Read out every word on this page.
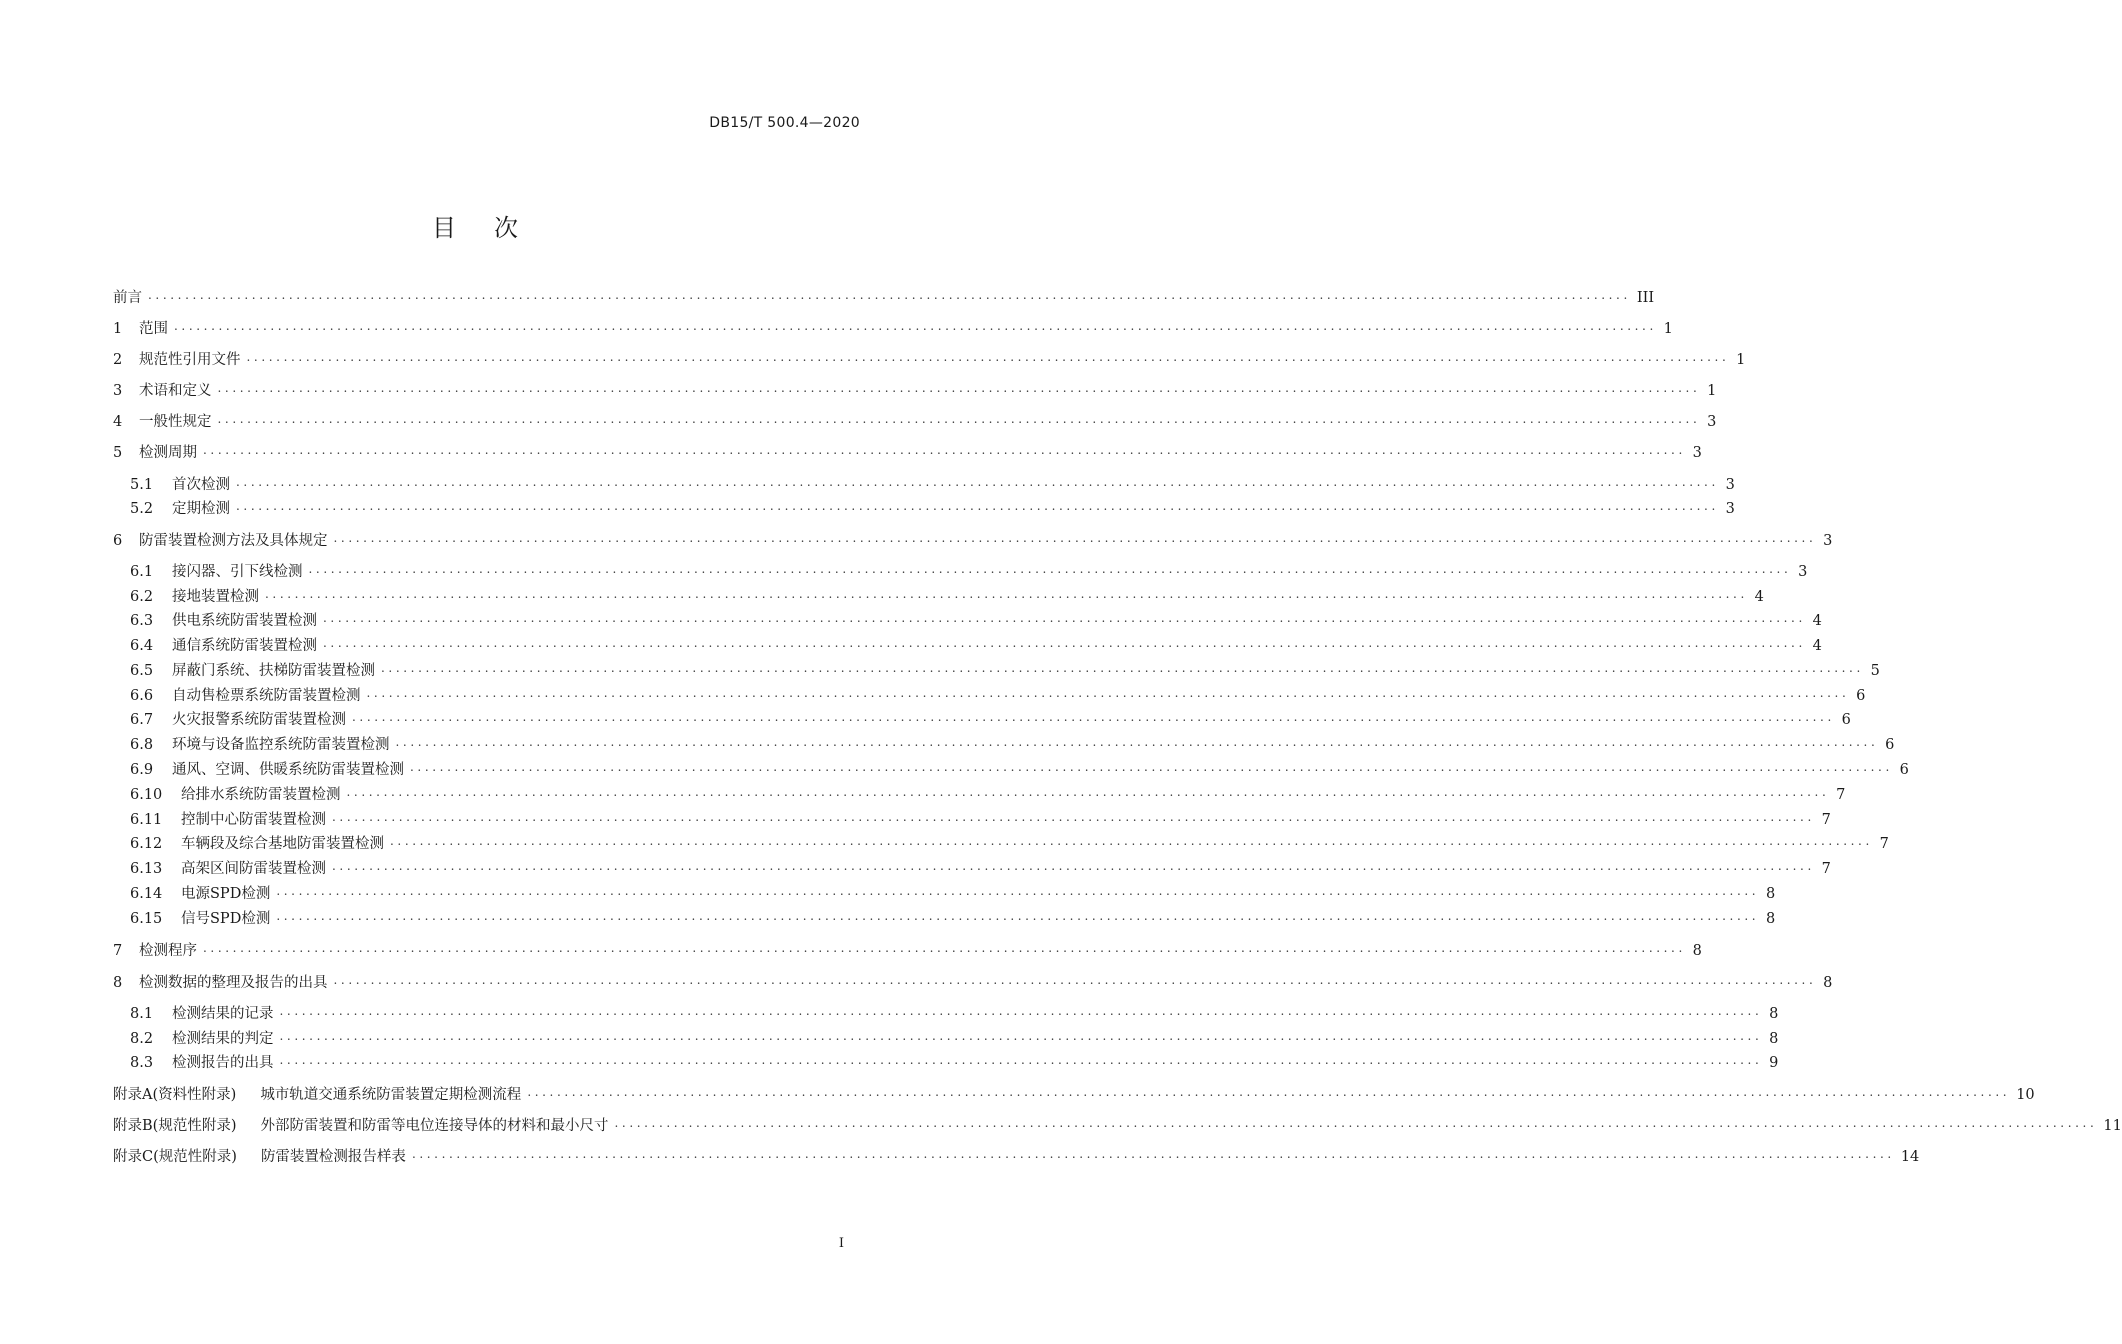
DB15/T 500.4—2020
目次
前言 ........................................................................................................................................................................................................ III
1	范围 ........................................................................................................................................................................................................ 1
2	规范性引用文件 ........................................................................................................................................................................................................ 1
3	术语和定义 ........................................................................................................................................................................................................ 1
4	一般性规定 ........................................................................................................................................................................................................ 3
5	检测周期 ........................................................................................................................................................................................................ 3
5.1	首次检测 ........................................................................................................................................................................................................ 3
5.2	定期检测 ........................................................................................................................................................................................................ 3
6	防雷装置检测方法及具体规定 ........................................................................................................................................................................................................ 3
6.1	接闪器、引下线检测 ........................................................................................................................................................................................................ 3
6.2	接地装置检测 ........................................................................................................................................................................................................ 4
6.3	供电系统防雷装置检测 ........................................................................................................................................................................................................ 4
6.4	通信系统防雷装置检测 ........................................................................................................................................................................................................ 4
6.5	屏蔽门系统、扶梯防雷装置检测 ........................................................................................................................................................................................................ 5
6.6	自动售检票系统防雷装置检测 ........................................................................................................................................................................................................ 6
6.7	火灾报警系统防雷装置检测 ........................................................................................................................................................................................................ 6
6.8	环境与设备监控系统防雷装置检测 ........................................................................................................................................................................................................ 6
6.9	通风、空调、供暖系统防雷装置检测 ........................................................................................................................................................................................................ 6
6.10	给排水系统防雷装置检测 ........................................................................................................................................................................................................ 7
6.11	控制中心防雷装置检测 ........................................................................................................................................................................................................ 7
6.12	车辆段及综合基地防雷装置检测 ........................................................................................................................................................................................................ 7
6.13	高架区间防雷装置检测 ........................................................................................................................................................................................................ 7
6.14	电源SPD检测 ........................................................................................................................................................................................................ 8
6.15	信号SPD检测 ........................................................................................................................................................................................................ 8
7	检测程序 ........................................................................................................................................................................................................ 8
8	检测数据的整理及报告的出具 ........................................................................................................................................................................................................ 8
8.1	检测结果的记录 ........................................................................................................................................................................................................ 8
8.2	检测结果的判定 ........................................................................................................................................................................................................ 8
8.3	检测报告的出具 ........................................................................................................................................................................................................ 9
附录A (资料性附录) 城市轨道交通系统防雷装置定期检测流程 ........................................................................................................................................................................................................ 10
附录B (规范性附录) 外部防雷装置和防雷等电位连接导体的材料和最小尺寸 ........................................................................................................................................................................................................ 11
附录C (规范性附录) 防雷装置检测报告样表 ........................................................................................................................................................................................................ 14
I
